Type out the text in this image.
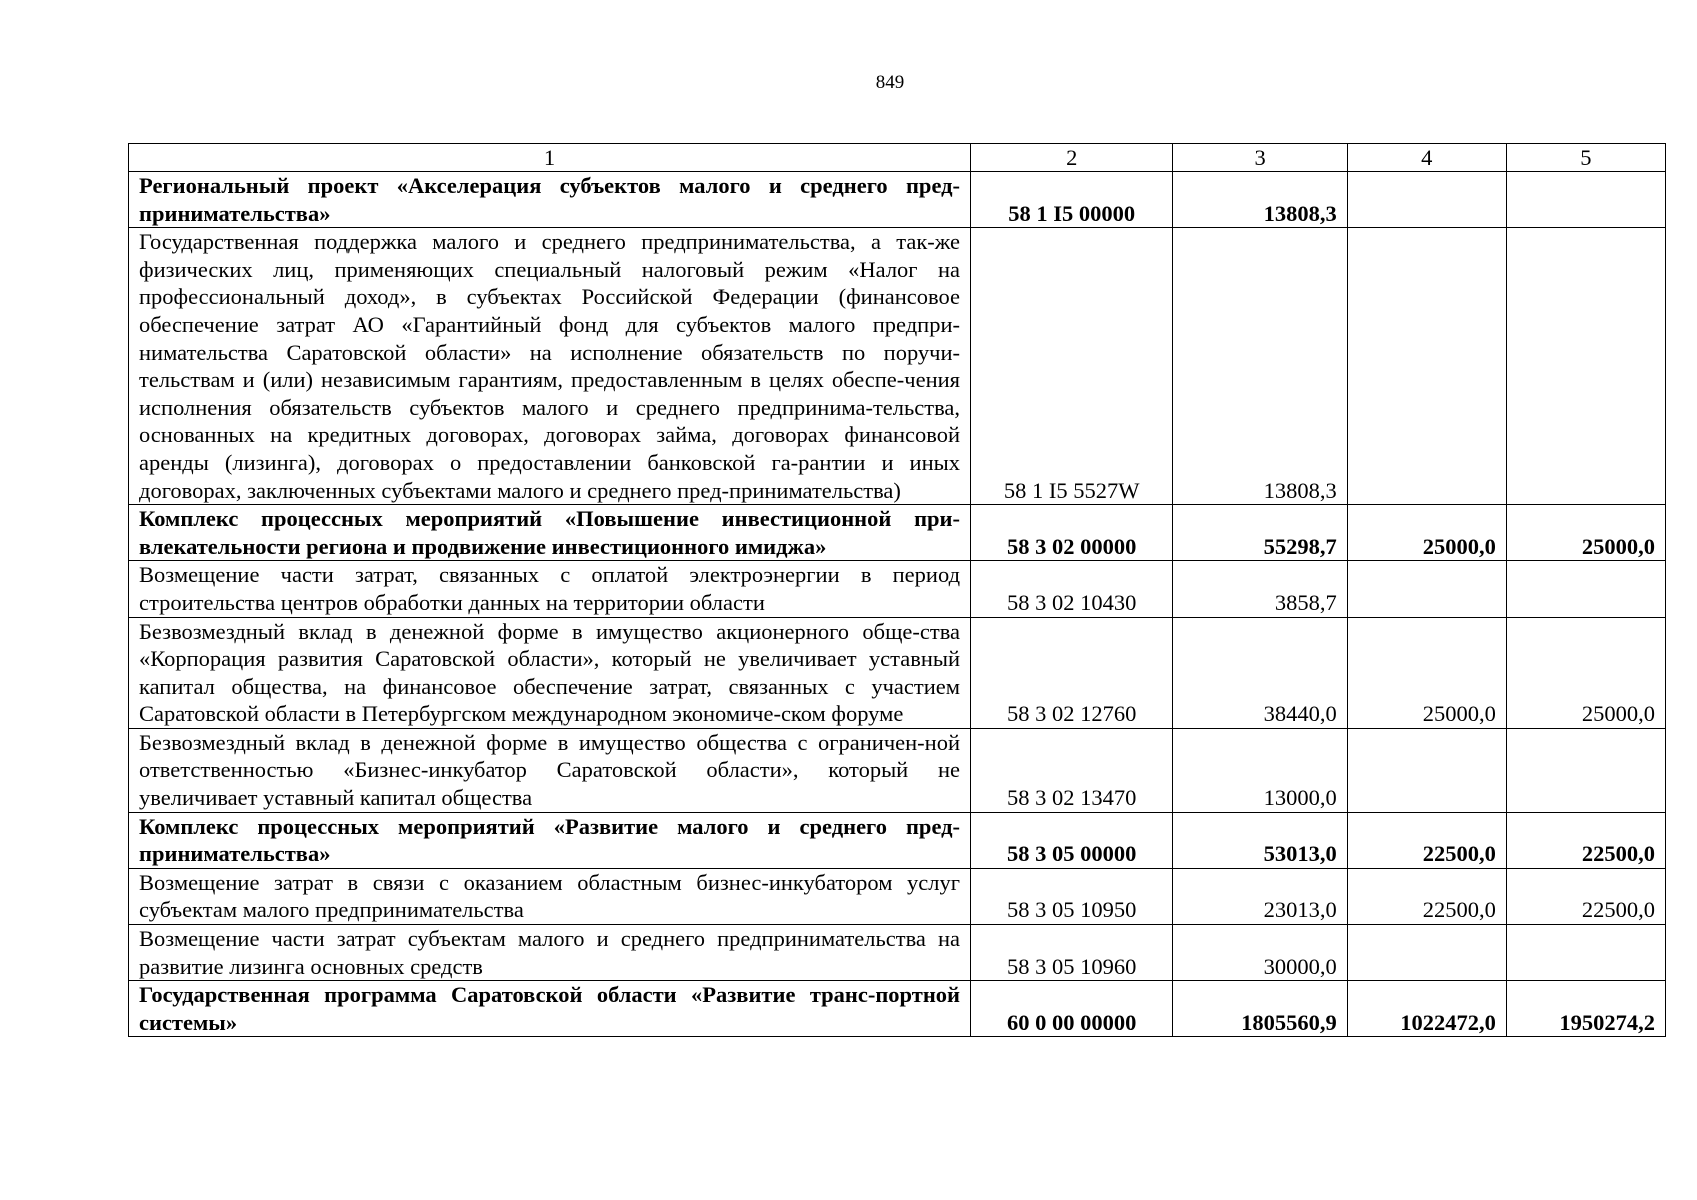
849
1	2	3	4	5
Региональный проект «Акселерация субъектов малого и среднего пред-принимательства»	58 1 I5 00000	13808,3		
Государственная поддержка малого и среднего предпринимательства, а так-же физических лиц, применяющих специальный налоговый режим «Налог на профессиональный доход», в субъектах Российской Федерации (финансовое обеспечение затрат АО «Гарантийный фонд для субъектов малого предпри-нимательства Саратовской области» на исполнение обязательств по поручи-тельствам и (или) независимым гарантиям, предоставленным в целях обеспе-чения исполнения обязательств субъектов малого и среднего предпринима-тельства, основанных на кредитных договорах, договорах займа, договорах финансовой аренды (лизинга), договорах о предоставлении банковской га-рантии и иных договорах, заключенных субъектами малого и среднего пред-принимательства)	58 1 I5 5527W	13808,3		
Комплекс процессных мероприятий «Повышение инвестиционной при-влекательности региона и продвижение инвестиционного имиджа»	58 3 02 00000	55298,7	25000,0	25000,0
Возмещение части затрат, связанных с оплатой электроэнергии в период строительства центров обработки данных на территории области	58 3 02 10430	3858,7		
Безвозмездный вклад в денежной форме в имущество акционерного обще-ства «Корпорация развития Саратовской области», который не увеличивает уставный капитал общества, на финансовое обеспечение затрат, связанных с участием Саратовской области в Петербургском международном экономиче-ском форуме	58 3 02 12760	38440,0	25000,0	25000,0
Безвозмездный вклад в денежной форме в имущество общества с ограничен-ной ответственностью «Бизнес-инкубатор Саратовской области», который не увеличивает уставный капитал общества	58 3 02 13470	13000,0		
Комплекс процессных мероприятий «Развитие малого и среднего пред-принимательства»	58 3 05 00000	53013,0	22500,0	22500,0
Возмещение затрат в связи с оказанием областным бизнес-инкубатором услуг субъектам малого предпринимательства	58 3 05 10950	23013,0	22500,0	22500,0
Возмещение части затрат субъектам малого и среднего предпринимательства на развитие лизинга основных средств	58 3 05 10960	30000,0		
Государственная программа Саратовской области «Развитие транс-портной системы»	60 0 00 00000	1805560,9	1022472,0	1950274,2
